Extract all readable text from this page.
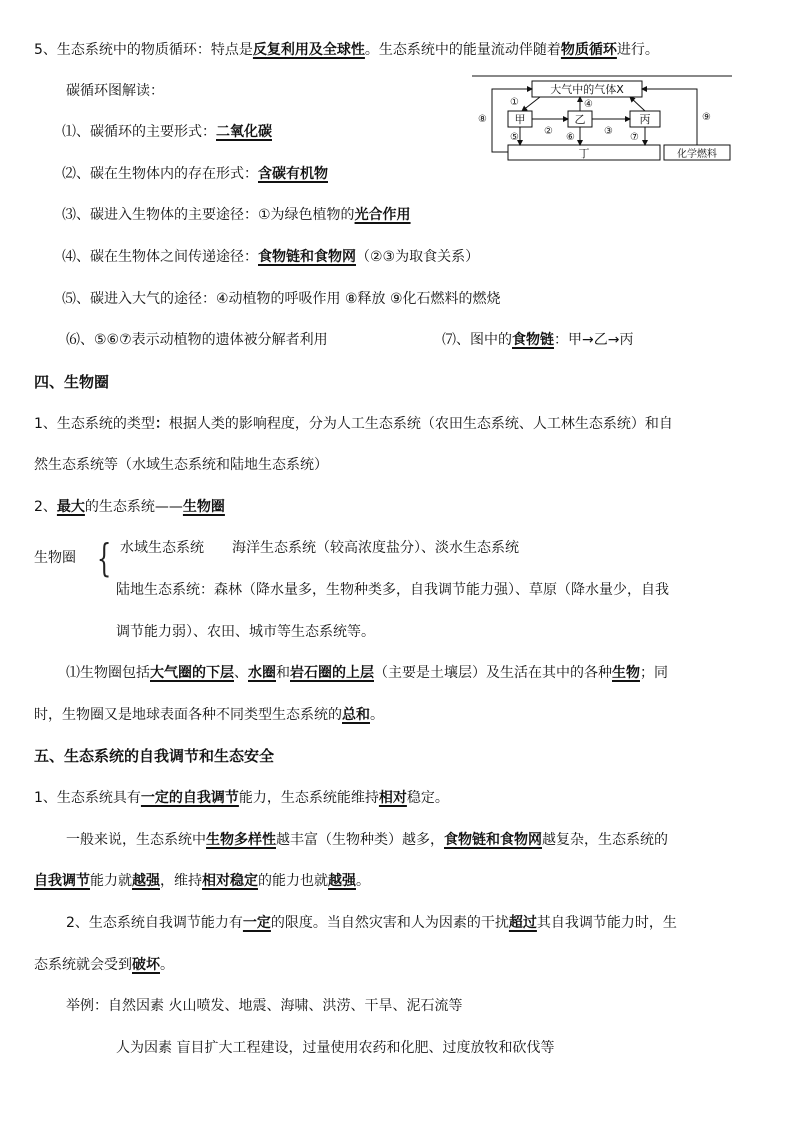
5、生态系统中的物质循环：特点是反复利用及全球性。生态系统中的能量流动伴随着物质循环进行。
碳循环图解读：
⑴、碳循环的主要形式：二氧化碳
⑵、碳在生物体内的存在形式：含碳有机物
⑶、碳进入生物体的主要途径：①为绿色植物的光合作用
⑷、碳在生物体之间传递途径：食物链和食物网（②③为取食关系）
⑸、碳进入大气的途径：④动植物的呼吸作用 ⑧释放 ⑨化石燃料的燃烧
⑹、⑤⑥⑦表示动植物的遗体被分解者利用	⑺、图中的食物链：甲→乙→丙
大气中的气体X
甲	乙	丙
丁	化学燃料
①
②	③
④
⑤	⑥	⑦
⑧	⑨
四、生物圈
1、生态系统的类型：根据人类的影响程度，分为人工生态系统（农田生态系统、人工林生态系统）和自
然生态系统等（水域生态系统和陆地生态系统）
2、最大的生态系统——生物圈
生物圈 { 水域生态系统　　海洋生态系统（较高浓度盐分）、淡水生态系统
陆地生态系统：森林（降水量多，生物种类多，自我调节能力强）、草原（降水量少，自我
调节能力弱）、农田、城市等生态系统等。
⑴生物圈包括大气圈的下层、水圈和岩石圈的上层（主要是土壤层）及生活在其中的各种生物；同
时，生物圈又是地球表面各种不同类型生态系统的总和。
五、生态系统的自我调节和生态安全
1、生态系统具有一定的自我调节能力，生态系统能维持相对稳定。
一般来说，生态系统中生物多样性越丰富（生物种类）越多，食物链和食物网越复杂，生态系统的
自我调节能力就越强，维持相对稳定的能力也就越强。
2、生态系统自我调节能力有一定的限度。当自然灾害和人为因素的干扰超过其自我调节能力时，生
态系统就会受到破坏。
举例：自然因素 火山喷发、地震、海啸、洪涝、干旱、泥石流等
人为因素 盲目扩大工程建设，过量使用农药和化肥、过度放牧和砍伐等
